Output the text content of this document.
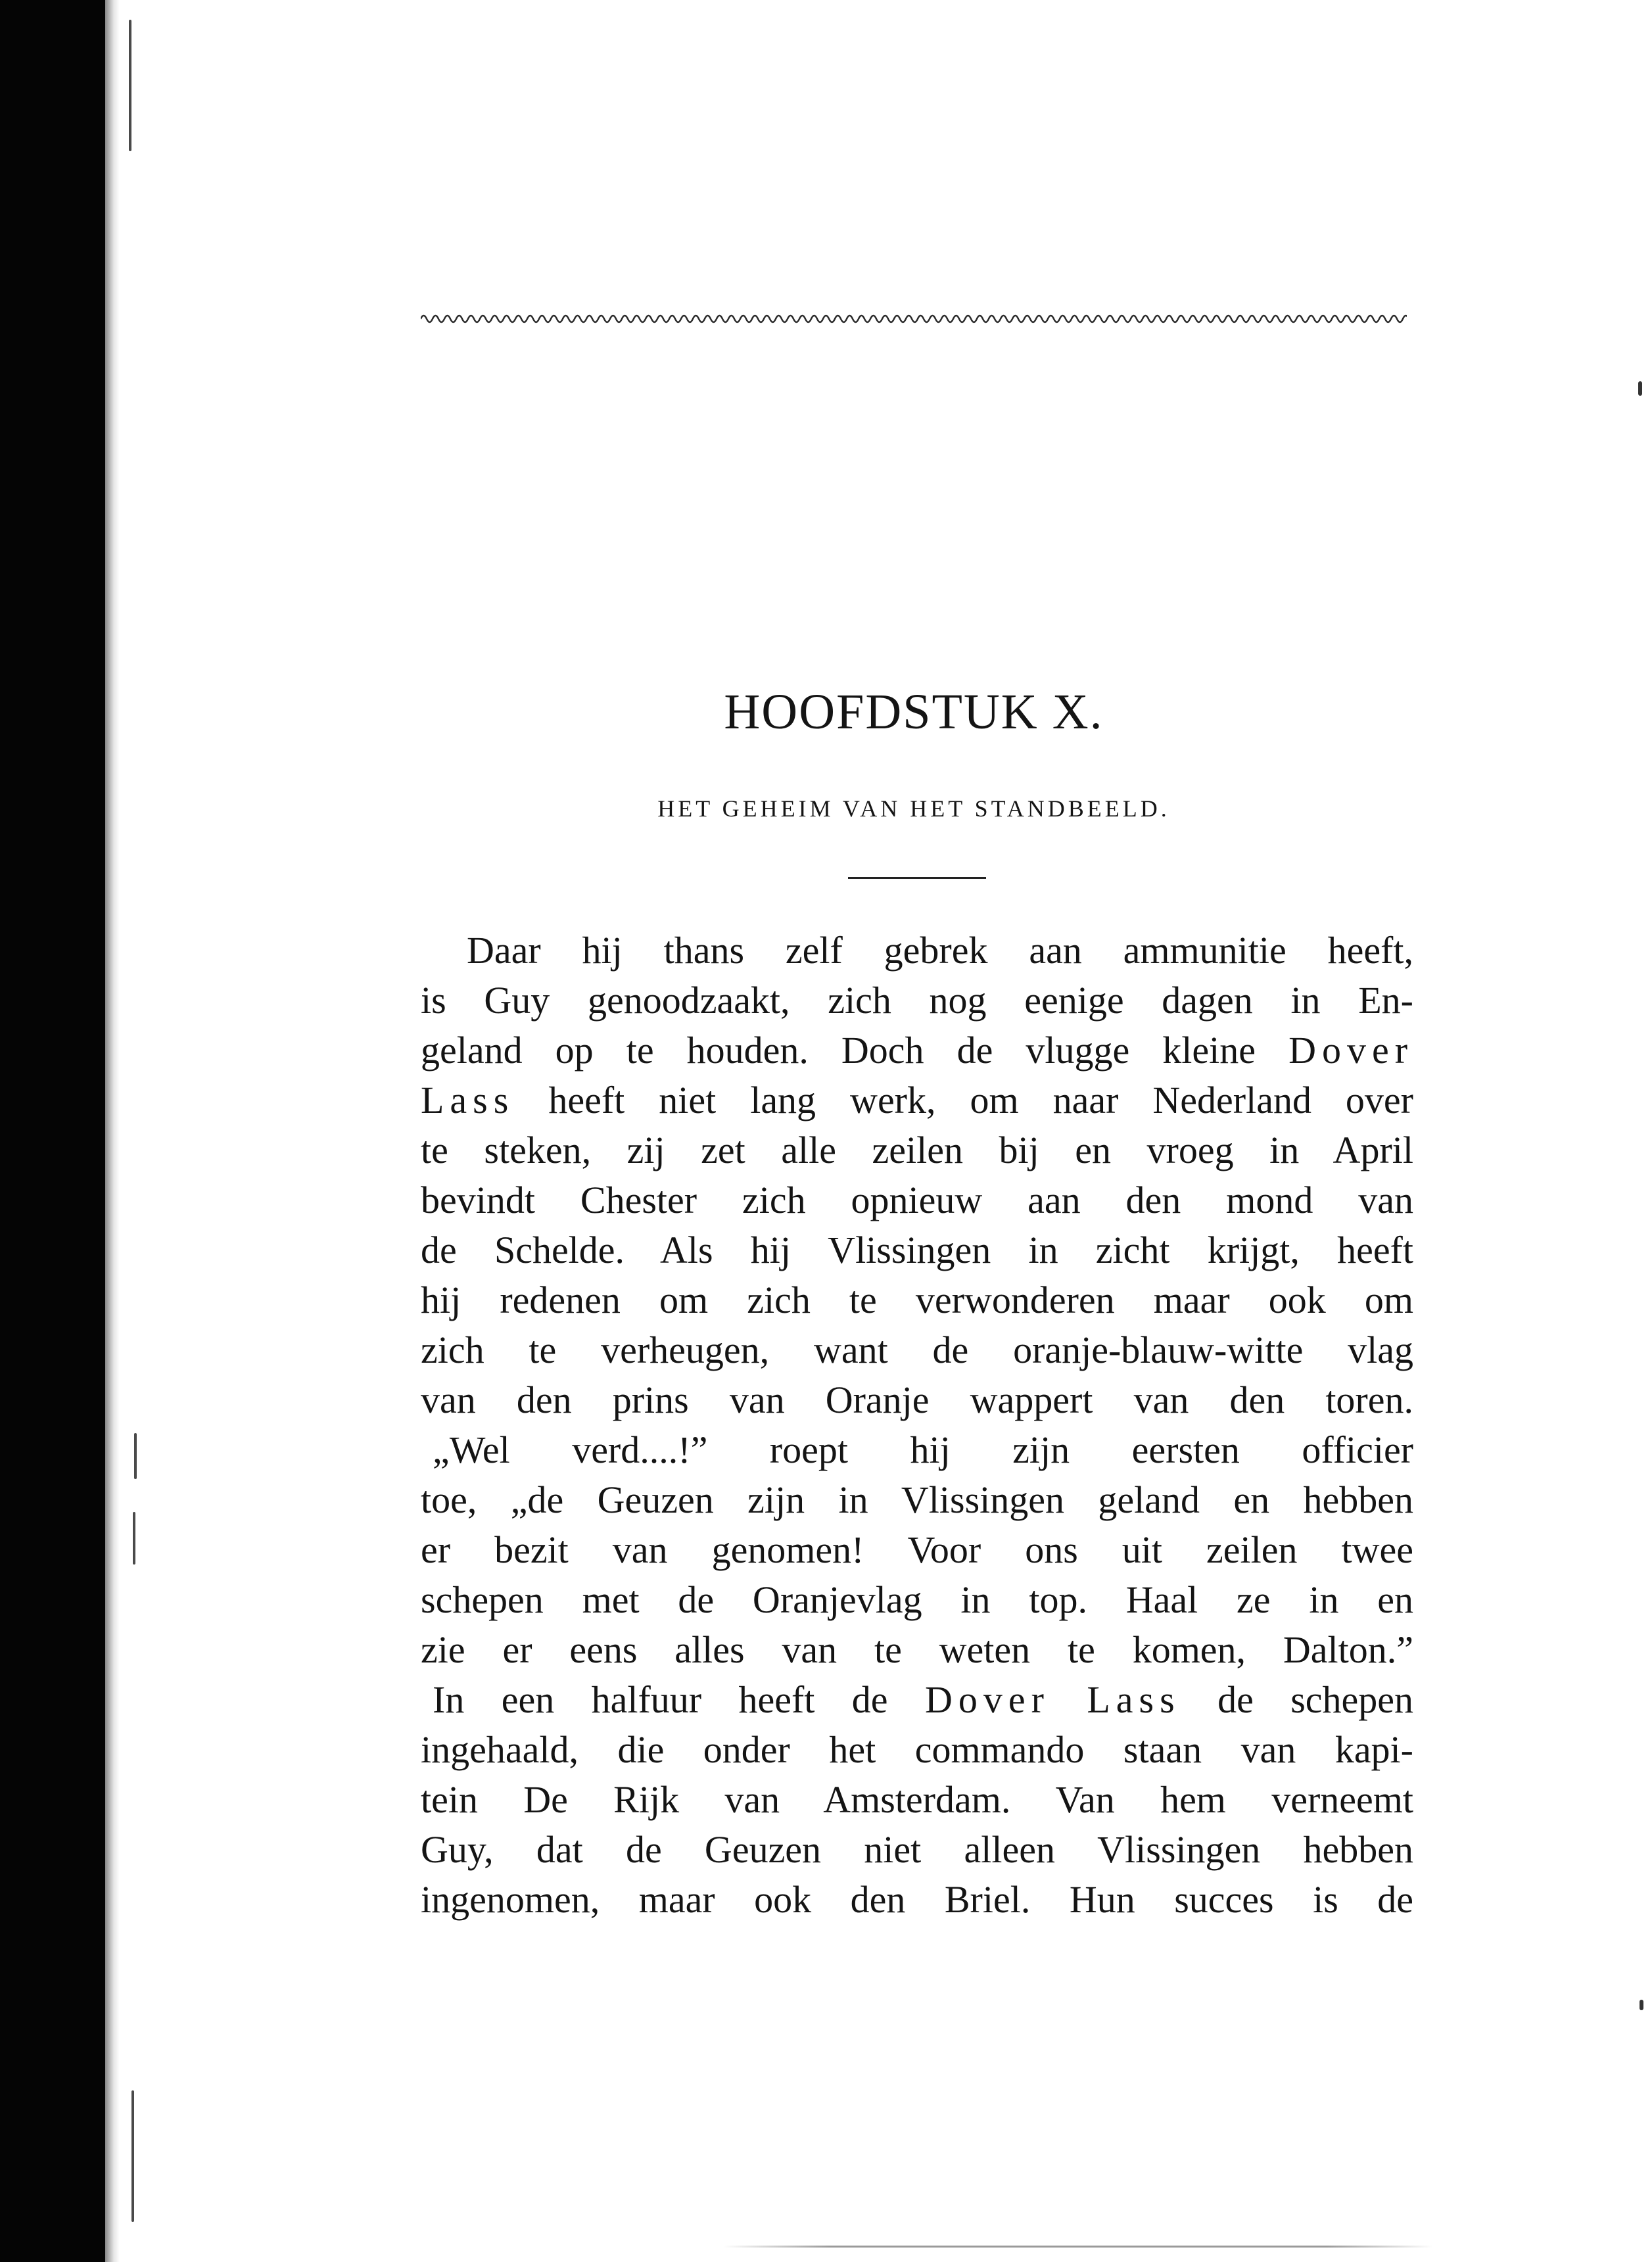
HOOFDSTUK X.
HET GEHEIM VAN HET STANDBEELD.
Daar hij thans zelf gebrek aan ammunitie heeft,
is Guy genoodzaakt, zich nog eenige dagen in En-
geland op te houden. Doch de vlugge kleine Dover
Lass heeft niet lang werk, om naar Nederland over
te steken, zij zet alle zeilen bij en vroeg in April
bevindt Chester zich opnieuw aan den mond van
de Schelde. Als hij Vlissingen in zicht krijgt, heeft
hij redenen om zich te verwonderen maar ook om
zich te verheugen, want de oranje-blauw-witte vlag
van den prins van Oranje wappert van den toren.
„Wel verd....!” roept hij zijn eersten officier
toe, „de Geuzen zijn in Vlissingen geland en hebben
er bezit van genomen! Voor ons uit zeilen twee
schepen met de Oranjevlag in top. Haal ze in en
zie er eens alles van te weten te komen, Dalton.”
In een halfuur heeft de Dover Lass de schepen
ingehaald, die onder het commando staan van kapi-
tein De Rijk van Amsterdam. Van hem verneemt
Guy, dat de Geuzen niet alleen Vlissingen hebben
ingenomen, maar ook den Briel. Hun succes is de
